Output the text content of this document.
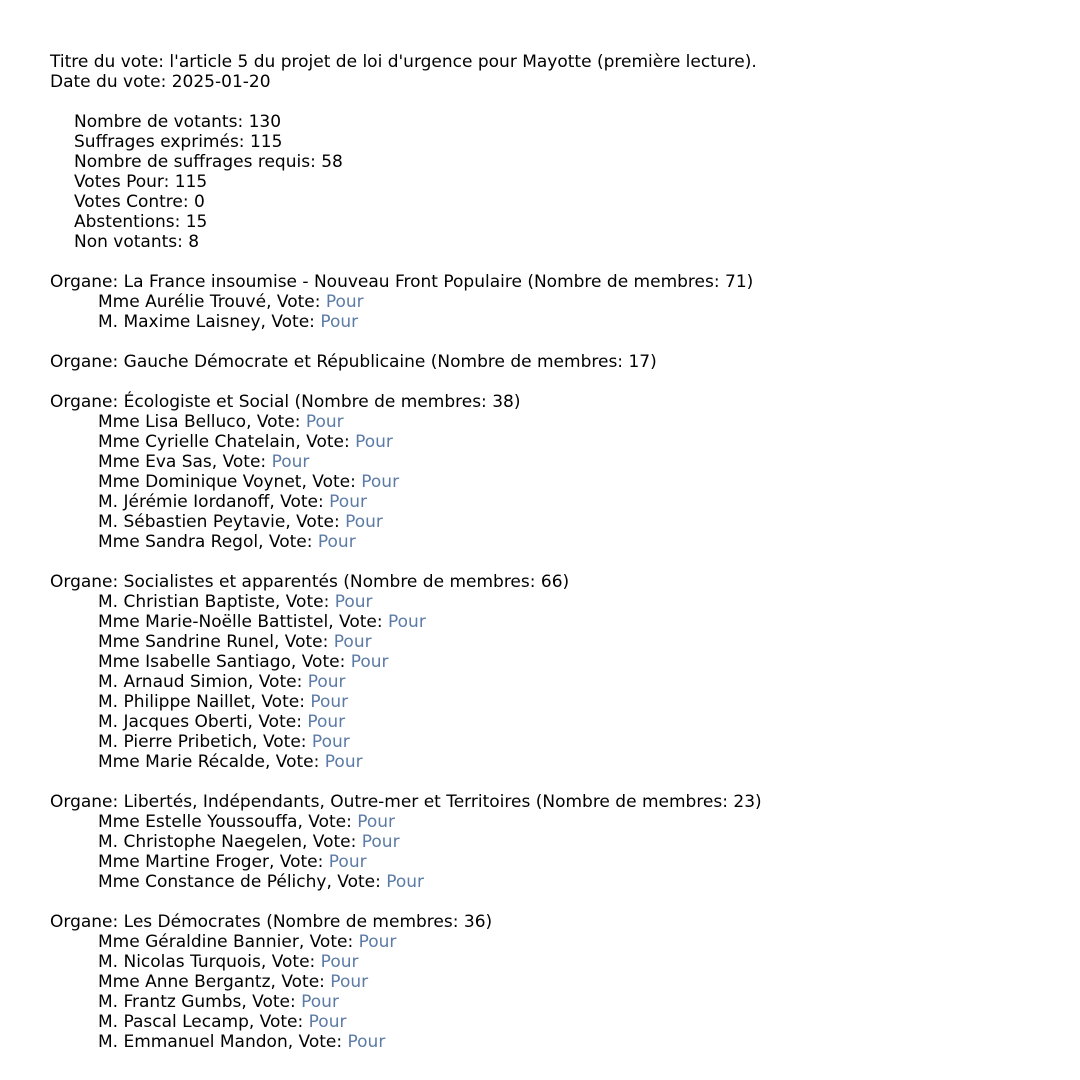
Titre du vote: l'article 5 du projet de loi d'urgence pour Mayotte (première lecture).
Date du vote: 2025-01-20
Nombre de votants: 130
Suffrages exprimés: 115
Nombre de suffrages requis: 58
Votes Pour: 115
Votes Contre: 0
Abstentions: 15
Non votants: 8
Organe: La France insoumise - Nouveau Front Populaire (Nombre de membres: 71)
Mme Aurélie Trouvé, Vote: Pour
M. Maxime Laisney, Vote: Pour
Organe: Gauche Démocrate et Républicaine (Nombre de membres: 17)
Organe: Écologiste et Social (Nombre de membres: 38)
Mme Lisa Belluco, Vote: Pour
Mme Cyrielle Chatelain, Vote: Pour
Mme Eva Sas, Vote: Pour
Mme Dominique Voynet, Vote: Pour
M. Jérémie Iordanoff, Vote: Pour
M. Sébastien Peytavie, Vote: Pour
Mme Sandra Regol, Vote: Pour
Organe: Socialistes et apparentés (Nombre de membres: 66)
M. Christian Baptiste, Vote: Pour
Mme Marie-Noëlle Battistel, Vote: Pour
Mme Sandrine Runel, Vote: Pour
Mme Isabelle Santiago, Vote: Pour
M. Arnaud Simion, Vote: Pour
M. Philippe Naillet, Vote: Pour
M. Jacques Oberti, Vote: Pour
M. Pierre Pribetich, Vote: Pour
Mme Marie Récalde, Vote: Pour
Organe: Libertés, Indépendants, Outre-mer et Territoires (Nombre de membres: 23)
Mme Estelle Youssouffa, Vote: Pour
M. Christophe Naegelen, Vote: Pour
Mme Martine Froger, Vote: Pour
Mme Constance de Pélichy, Vote: Pour
Organe: Les Démocrates (Nombre de membres: 36)
Mme Géraldine Bannier, Vote: Pour
M. Nicolas Turquois, Vote: Pour
Mme Anne Bergantz, Vote: Pour
M. Frantz Gumbs, Vote: Pour
M. Pascal Lecamp, Vote: Pour
M. Emmanuel Mandon, Vote: Pour
